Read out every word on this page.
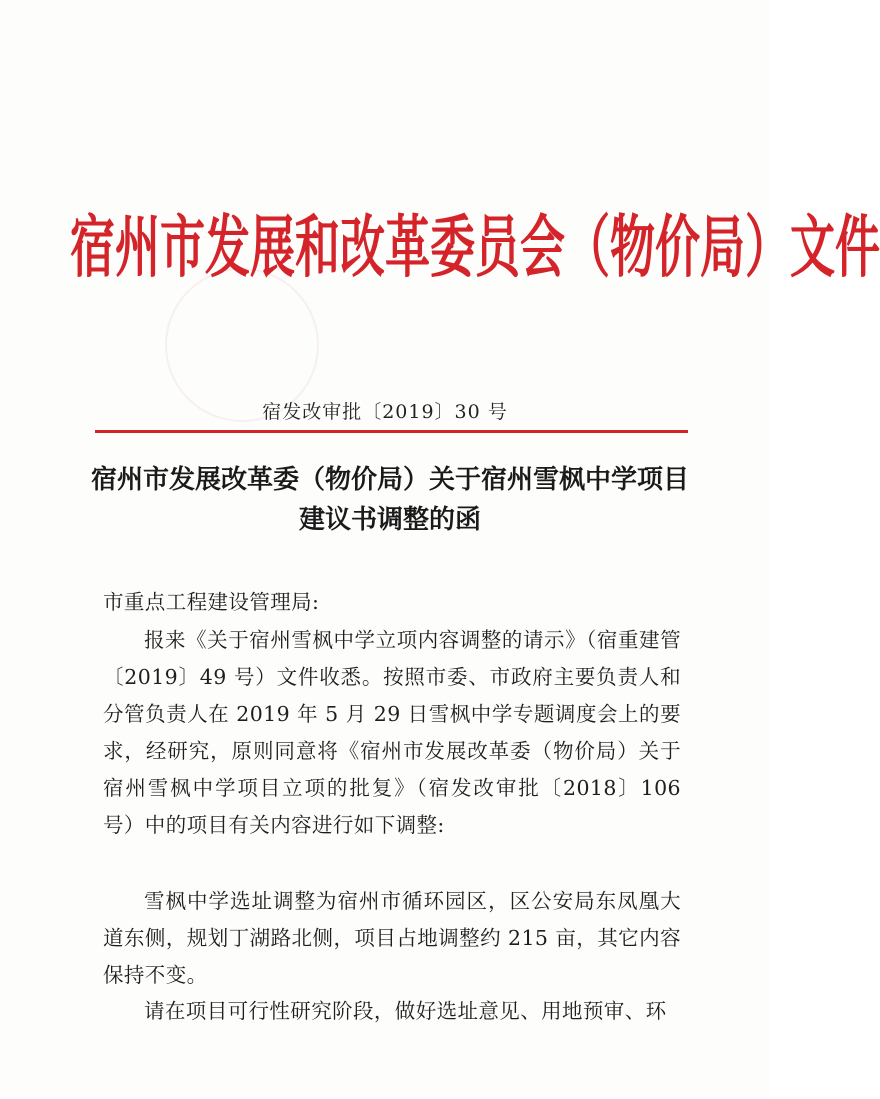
宿州市发展和改革委员会（物价局）文件
宿发改审批〔2019〕30 号
宿州市发展改革委（物价局）关于宿州雪枫中学项目建议书调整的函

市重点工程建设管理局:

报来《关于宿州雪枫中学立项内容调整的请示》（宿重建管〔2019〕49 号）文件收悉。按照市委、市政府主要负责人和分管负责人在 2019 年 5 月 29 日雪枫中学专题调度会上的要求，经研究，原则同意将《宿州市发展改革委（物价局）关于宿州雪枫中学项目立项的批复》（宿发改审批〔2018〕106 号）中的项目有关内容进行如下调整:

雪枫中学选址调整为宿州市循环园区，区公安局东凤凰大道东侧，规划丁湖路北侧，项目占地调整约 215 亩，其它内容保持不变。

请在项目可行性研究阶段，做好选址意见、用地预审、环
